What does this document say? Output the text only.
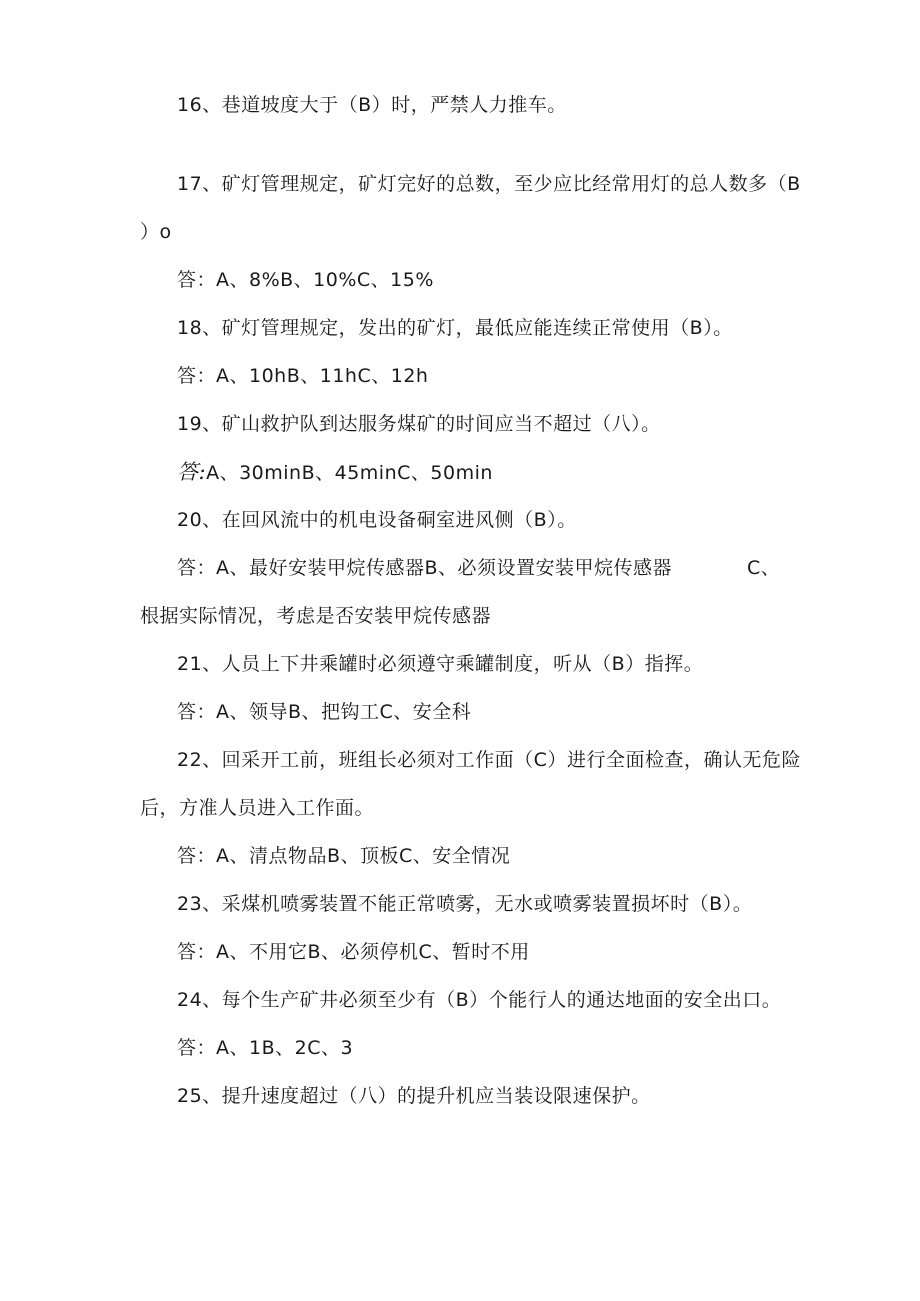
16、巷道坡度大于（B）时，严禁人力推车。
17、矿灯管理规定，矿灯完好的总数，至少应比经常用灯的总人数多（B
）o
答：A、8%B、10%C、15%
18、矿灯管理规定，发出的矿灯，最低应能连续正常使用（B）。
答：A、10hB、11hC、12h
19、矿山救护队到达服务煤矿的时间应当不超过（八）。
答:A、30minB、45minC、50min
20、在回风流中的机电设备硐室进风侧（B）。
答：A、最好安装甲烷传感器B、必须设置安装甲烷传感器	C、
根据实际情况，考虑是否安装甲烷传感器
21、人员上下井乘罐时必须遵守乘罐制度，听从（B）指挥。
答：A、领导B、把钩工C、安全科
22、回采开工前，班组长必须对工作面（C）进行全面检查，确认无危险
后，方准人员进入工作面。
答：A、清点物品B、顶板C、安全情况
23、采煤机喷雾装置不能正常喷雾，无水或喷雾装置损坏时（B）。
答：A、不用它B、必须停机C、暂时不用
24、每个生产矿井必须至少有（B）个能行人的通达地面的安全出口。
答：A、1B、2C、3
25、提升速度超过（八）的提升机应当装设限速保护。
